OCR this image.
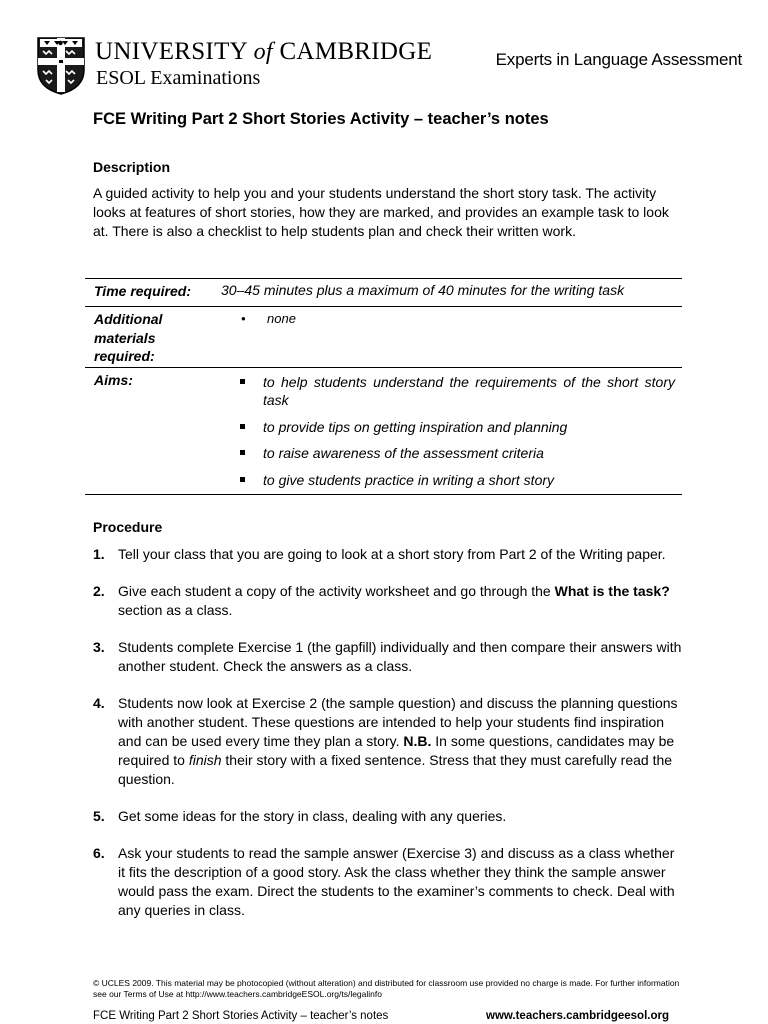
UNIVERSITY of CAMBRIDGE
ESOL Examinations
Experts in Language Assessment
FCE Writing Part 2 Short Stories Activity – teacher’s notes
Description
A guided activity to help you and your students understand the short story task. The activity looks at features of short stories, how they are marked, and provides an example task to look at. There is also a checklist to help students plan and check their written work.
Time required:	30–45 minutes plus a maximum of 40 minutes for the writing task
Additional materials required:
• none
Aims:	to help students understand the requirements of the short story task
to provide tips on getting inspiration and planning
to raise awareness of the assessment criteria
to give students practice in writing a short story
Procedure
1. Tell your class that you are going to look at a short story from Part 2 of the Writing paper.
2. Give each student a copy of the activity worksheet and go through the What is the task? section as a class.
3. Students complete Exercise 1 (the gapfill) individually and then compare their answers with another student. Check the answers as a class.
4. Students now look at Exercise 2 (the sample question) and discuss the planning questions with another student. These questions are intended to help your students find inspiration and can be used every time they plan a story. N.B. In some questions, candidates may be required to finish their story with a fixed sentence. Stress that they must carefully read the question.
5. Get some ideas for the story in class, dealing with any queries.
6. Ask your students to read the sample answer (Exercise 3) and discuss as a class whether it fits the description of a good story. Ask the class whether they think the sample answer would pass the exam. Direct the students to the examiner’s comments to check. Deal with any queries in class.
© UCLES 2009. This material may be photocopied (without alteration) and distributed for classroom use provided no charge is made. For further information see our Terms of Use at http://www.teachers.cambridgeESOL.org/ts/legalinfo
FCE Writing Part 2 Short Stories Activity – teacher’s notes	www.teachers.cambridgeesol.org
